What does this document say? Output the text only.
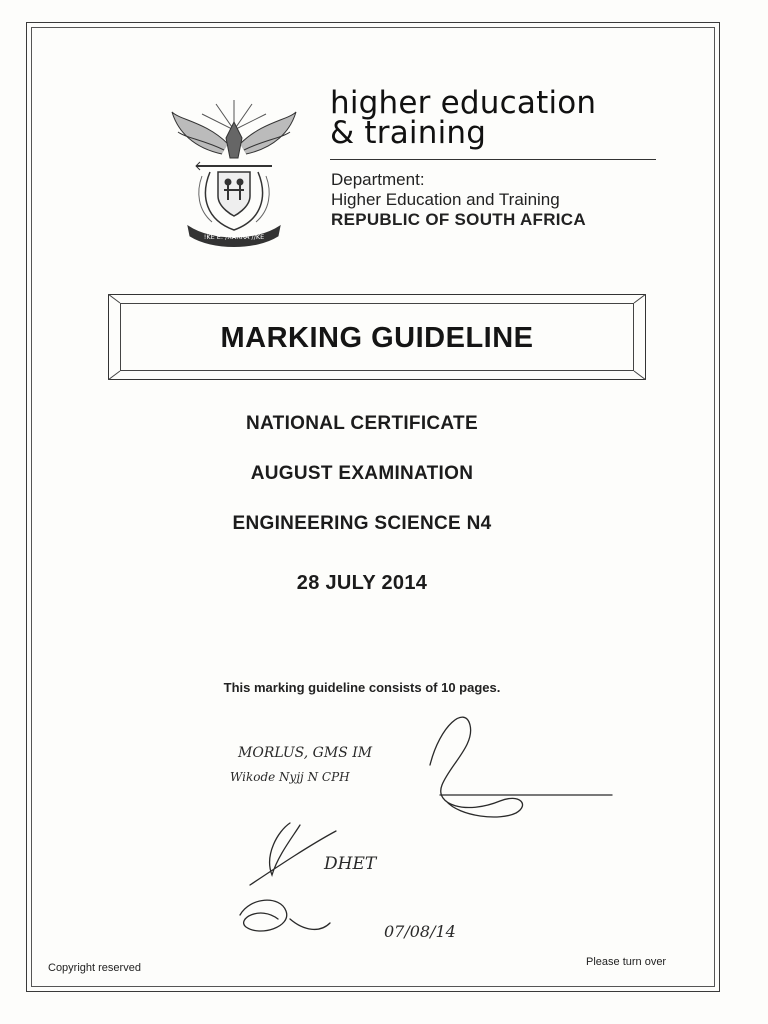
!KE E: /XARRA //KE
higher education
& training
Department:
Higher Education and Training
REPUBLIC OF SOUTH AFRICA
MARKING GUIDELINE
NATIONAL CERTIFICATE
AUGUST EXAMINATION
ENGINEERING SCIENCE N4
28 JULY 2014
This marking guideline consists of 10 pages.
MORLUS, GMS IM
Wikode Nyjj N CPH
DHET
07/08/14
Copyright reserved	Please turn over
